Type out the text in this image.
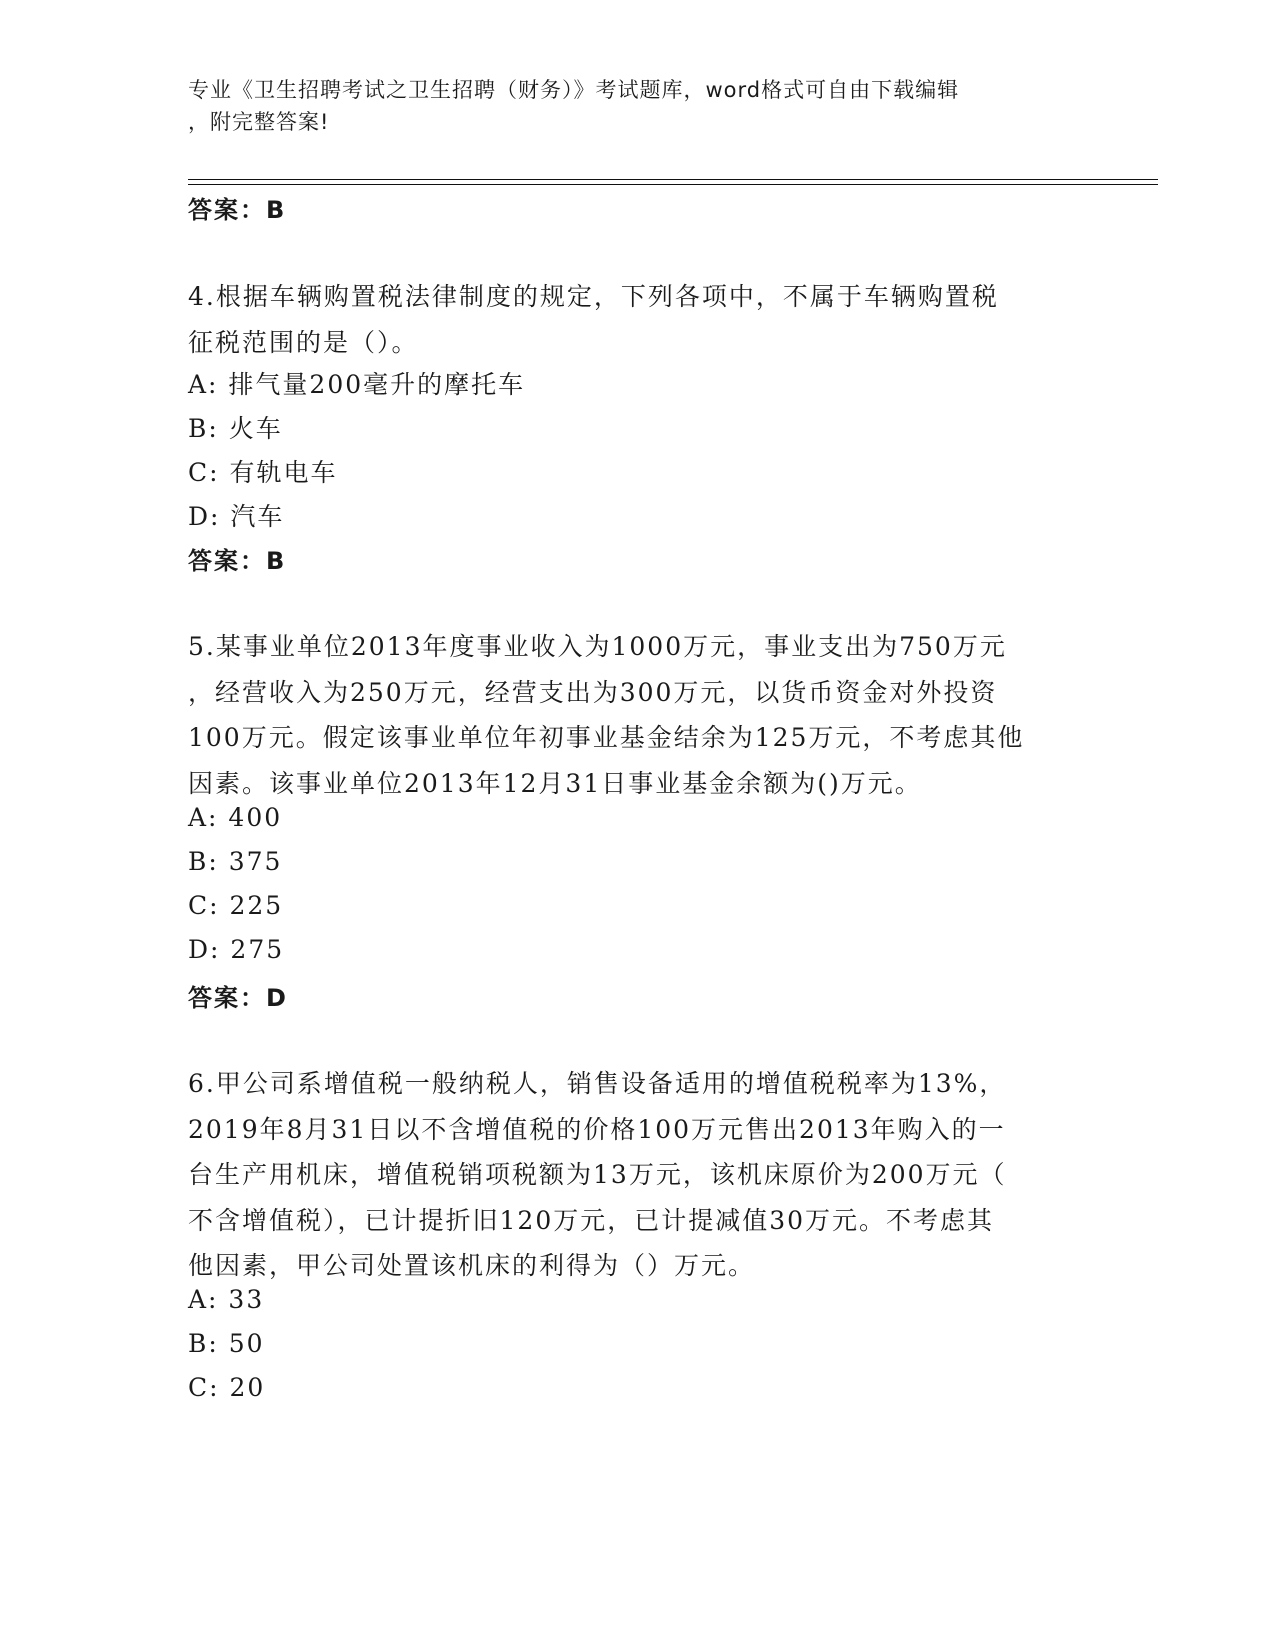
专业《卫生招聘考试之卫生招聘（财务）》考试题库，word格式可自由下载编辑
，附完整答案!
答案：B
4.根据车辆购置税法律制度的规定，下列各项中，不属于车辆购置税
征税范围的是（）。
A: 排气量200毫升的摩托车
B: 火车
C: 有轨电车
D: 汽车
答案：B
5.某事业单位2013年度事业收入为1000万元，事业支出为750万元
，经营收入为250万元，经营支出为300万元，以货币资金对外投资
100万元。假定该事业单位年初事业基金结余为125万元，不考虑其他
因素。该事业单位2013年12月31日事业基金余额为()万元。
A: 400
B: 375
C: 225
D: 275
答案：D
6.甲公司系增值税一般纳税人，销售设备适用的增值税税率为13%，
2019年8月31日以不含增值税的价格100万元售出2013年购入的一
台生产用机床，增值税销项税额为13万元，该机床原价为200万元（
不含增值税），已计提折旧120万元，已计提减值30万元。不考虑其
他因素，甲公司处置该机床的利得为（）万元。
A: 33
B: 50
C: 20
